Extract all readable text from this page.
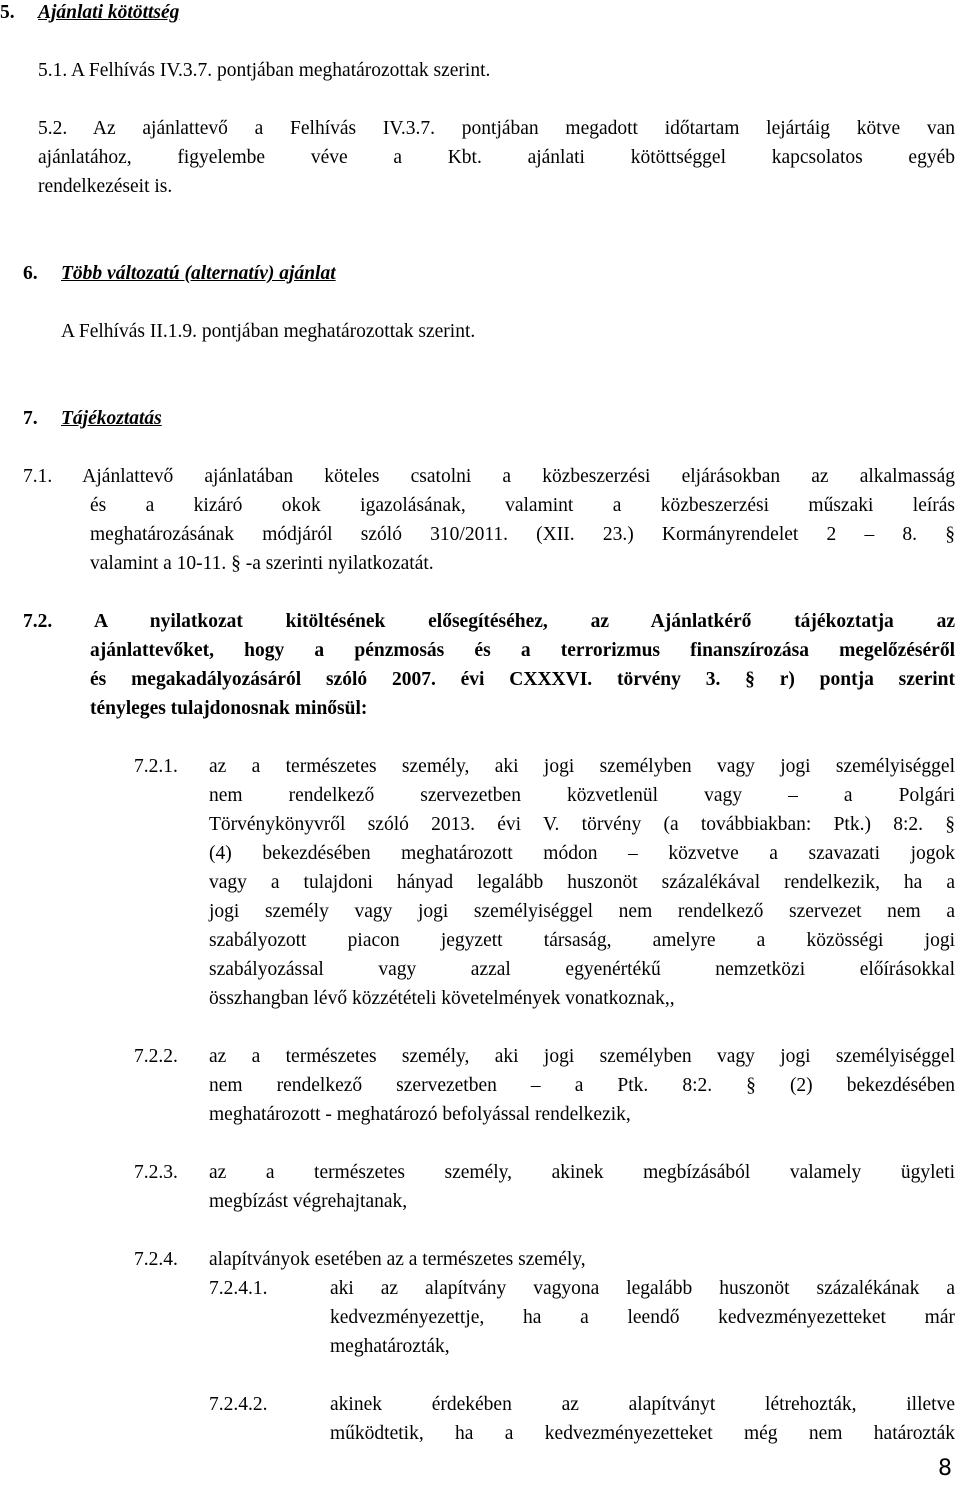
5. Ajánlati kötöttség
5.1. A Felhívás IV.3.7. pontjában meghatározottak szerint.
5.2. Az ajánlattevő a Felhívás IV.3.7. pontjában megadott időtartam lejártáig kötve van
ajánlatához, figyelembe véve a Kbt. ajánlati kötöttséggel kapcsolatos egyéb
rendelkezéseit is.
6. Több változatú (alternatív) ajánlat
A Felhívás II.1.9. pontjában meghatározottak szerint.
7. Tájékoztatás
7.1. Ajánlattevő ajánlatában köteles csatolni a közbeszerzési eljárásokban az alkalmasság
és a kizáró okok igazolásának, valamint a közbeszerzési műszaki leírás
meghatározásának módjáról szóló 310/2011. (XII. 23.) Kormányrendelet 2 – 8. §
valamint a 10-11. § -a szerinti nyilatkozatát.
7.2. A nyilatkozat kitöltésének elősegítéséhez, az Ajánlatkérő tájékoztatja az
ajánlattevőket, hogy a pénzmosás és a terrorizmus finanszírozása megelőzéséről
és megakadályozásáról szóló 2007. évi CXXXVI. törvény 3. § r) pontja szerint
tényleges tulajdonosnak minősül:
7.2.1. az a természetes személy, aki jogi személyben vagy jogi személyiséggel
nem rendelkező szervezetben közvetlenül vagy – a Polgári
Törvénykönyvről szóló 2013. évi V. törvény (a továbbiakban: Ptk.) 8:2. §
(4) bekezdésében meghatározott módon – közvetve a szavazati jogok
vagy a tulajdoni hányad legalább huszonöt százalékával rendelkezik, ha a
jogi személy vagy jogi személyiséggel nem rendelkező szervezet nem a
szabályozott piacon jegyzett társaság, amelyre a közösségi jogi
szabályozással vagy azzal egyenértékű nemzetközi előírásokkal
összhangban lévő közzétételi követelmények vonatkoznak,,
7.2.2. az a természetes személy, aki jogi személyben vagy jogi személyiséggel
nem rendelkező szervezetben – a Ptk. 8:2. § (2) bekezdésében
meghatározott - meghatározó befolyással rendelkezik,
7.2.3. az a természetes személy, akinek megbízásából valamely ügyleti
megbízást végrehajtanak,
7.2.4. alapítványok esetében az a természetes személy,
7.2.4.1.	aki az alapítvány vagyona legalább huszonöt százalékának a
kedvezményezettje, ha a leendő kedvezményezetteket már
meghatározták,
7.2.4.2.	akinek érdekében az alapítványt létrehozták, illetve
működtetik, ha a kedvezményezetteket még nem határozták
8
